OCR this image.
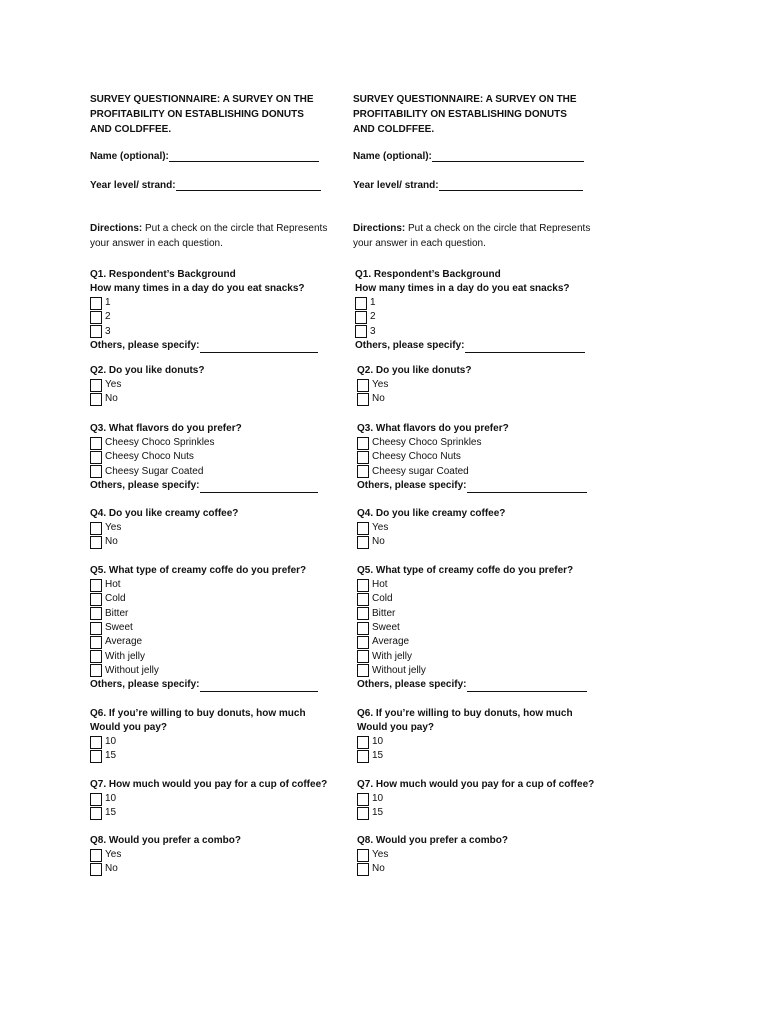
SURVEY QUESTIONNAIRE: A SURVEY ON THE
PROFITABILITY ON ESTABLISHING DONUTS
AND COLDFFEE.
Name (optional):
Year level/ strand:
Directions: Put a check on the circle that Represents your answer in each question.
Q1. Respondent’s Background
How many times in a day do you eat snacks?
1
2
3
Others, please specify:
Q2. Do you like donuts?
Yes
No
Q3. What flavors do you prefer?
Cheesy Choco Sprinkles
Cheesy Choco Nuts
Cheesy Sugar Coated
Others, please specify:
Q4. Do you like creamy coffee?
Yes
No
Q5. What type of creamy coffe do you prefer?
Hot
Cold
Bitter
Sweet
Average
With jelly
Without jelly
Others, please specify:
Q6. If you’re willing to buy donuts, how much
Would you pay?
10
15
Q7. How much would you pay for a cup of coffee?
10
15
Q8. Would you prefer a combo?
Yes
No
SURVEY QUESTIONNAIRE: A SURVEY ON THE
PROFITABILITY ON ESTABLISHING DONUTS
AND COLDFFEE.
Name (optional):
Year level/ strand:
Directions: Put a check on the circle that Represents your answer in each question.
Q1. Respondent’s Background
How many times in a day do you eat snacks?
1
2
3
Others, please specify:
Q2. Do you like donuts?
Yes
No
Q3. What flavors do you prefer?
Cheesy Choco Sprinkles
Cheesy Choco Nuts
Cheesy sugar Coated
Others, please specify:
Q4. Do you like creamy coffee?
Yes
No
Q5. What type of creamy coffe do you prefer?
Hot
Cold
Bitter
Sweet
Average
With jelly
Without jelly
Others, please specify:
Q6. If you’re willing to buy donuts, how much
Would you pay?
10
15
Q7. How much would you pay for a cup of coffee?
10
15
Q8. Would you prefer a combo?
Yes
No
